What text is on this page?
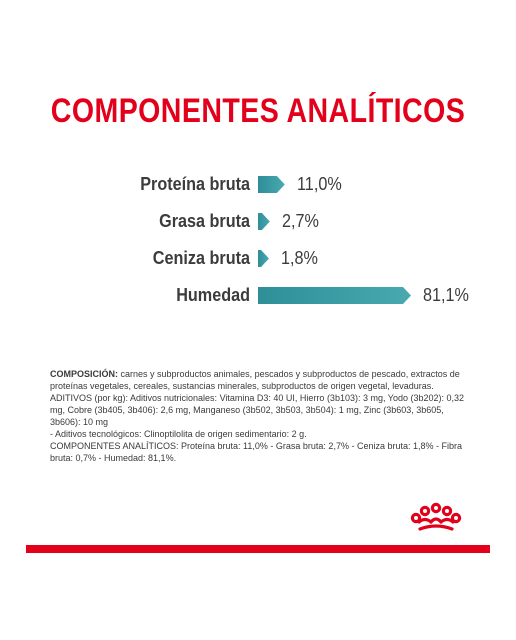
COMPONENTES ANALÍTICOS
Proteína bruta	11,0%
Grasa bruta 2,7%
Ceniza bruta 1,8%
Humedad	81,1%

COMPOSICIÓN: carnes y subproductos animales, pescados y subproductos de pescado, extractos de proteínas vegetales, cereales, sustancias minerales, subproductos de origen vegetal, levaduras.

ADITIVOS (por kg): Aditivos nutricionales: Vitamina D3: 40 UI, Hierro (3b103): 3 mg, Yodo (3b202): 0,32 mg, Cobre (3b405, 3b406): 2,6 mg, Manganeso (3b502, 3b503, 3b504): 1 mg, Zinc (3b603, 3b605, 3b606): 10 mg

- Aditivos tecnológicos: Clinoptilolita de origen sedimentario: 2 g.

COMPONENTES ANALÍTICOS: Proteína bruta: 11,0% - Grasa bruta: 2,7% - Ceniza bruta: 1,8% - Fibra bruta: 0,7% - Humedad: 81,1%.
